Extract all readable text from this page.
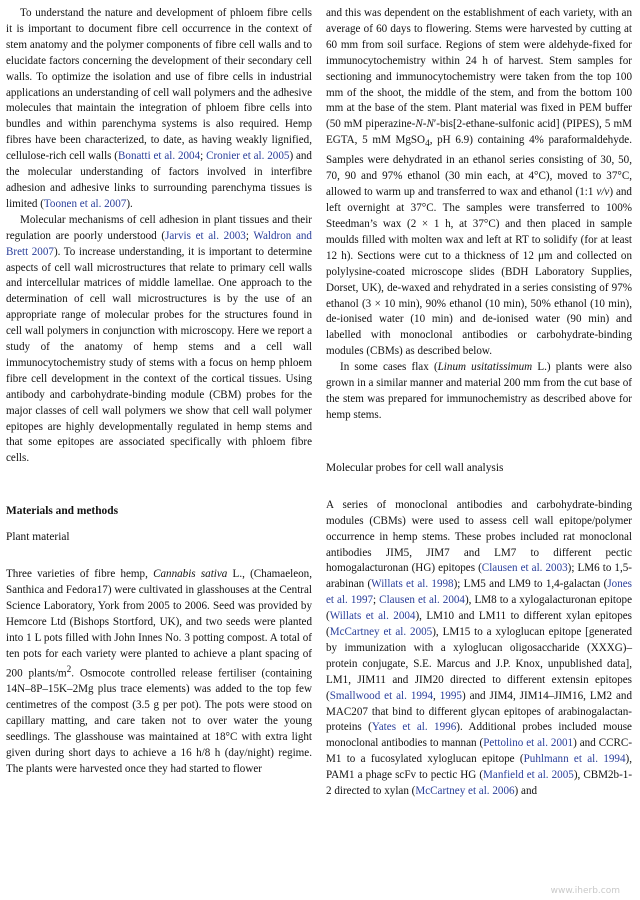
To understand the nature and development of phloem fibre cells it is important to document fibre cell occurrence in the context of stem anatomy and the polymer components of fibre cell walls and to elucidate factors concerning the development of their secondary cell walls. To optimize the isolation and use of fibre cells in industrial applications an understanding of cell wall polymers and the adhesive molecules that maintain the integration of phloem fibre cells into bundles and within parenchyma systems is also required. Hemp fibres have been characterized, to date, as having weakly lignified, cellulose-rich cell walls (Bonatti et al. 2004; Cronier et al. 2005) and the molecular understanding of factors involved in interfibre adhesion and adhesive links to surrounding parenchyma tissues is limited (Toonen et al. 2007).

Molecular mechanisms of cell adhesion in plant tissues and their regulation are poorly understood (Jarvis et al. 2003; Waldron and Brett 2007). To increase understanding, it is important to determine aspects of cell wall microstructures that relate to primary cell walls and intercellular matrices of middle lamellae. One approach to the determination of cell wall microstructures is by the use of an appropriate range of molecular probes for the structures found in cell wall polymers in conjunction with microscopy. Here we report a study of the anatomy of hemp stems and a cell wall immunocytochemistry study of stems with a focus on hemp phloem fibre cell development in the context of the cortical tissues. Using antibody and carbohydrate-binding module (CBM) probes for the major classes of cell wall polymers we show that cell wall polymer epitopes are highly developmentally regulated in hemp stems and that some epitopes are associated specifically with phloem fibre cells.

Materials and methods
Plant material

Three varieties of fibre hemp, Cannabis sativa L., (Chamaeleon, Santhica and Fedora17) were cultivated in glasshouses at the Central Science Laboratory, York from 2005 to 2006. Seed was provided by Hemcore Ltd (Bishops Stortford, UK), and two seeds were planted into 1 L pots filled with John Innes No. 3 potting compost. A total of ten pots for each variety were planted to achieve a plant spacing of 200 plants/$m^2$. Osmocote controlled release fertiliser (containing 14N–8P–15K–2Mg plus trace elements) was added to the top few centimetres of the compost (3.5 g per pot). The pots were stood on capillary matting, and care taken not to over water the young seedlings. The glasshouse was maintained at 18°C with extra light given during short days to achieve a 16 h/8 h (day/night) regime. The plants were harvested once they had started to flower

and this was dependent on the establishment of each variety, with an average of 60 days to flowering. Stems were harvested by cutting at 60 mm from soil surface. Regions of stem were aldehyde-fixed for immunocytochemistry within 24 h of harvest. Stem samples for sectioning and immunocytochemistry were taken from the top 100 mm of the shoot, the middle of the stem, and from the bottom 100 mm at the base of the stem. Plant material was fixed in PEM buffer (50 mM piperazine-N-N′-bis[2-ethane-sulfonic acid] (PIPES), 5 mM EGTA, 5 mM MgSO$_4$, pH 6.9) containing 4% paraformaldehyde. Samples were dehydrated in an ethanol series consisting of 30, 50, 70, 90 and 97% ethanol (30 min each, at 4°C), moved to 37°C, allowed to warm up and transferred to wax and ethanol (1:1 v/v) and left overnight at 37°C. The samples were transferred to 100% Steedman’s wax (2 × 1 h, at 37°C) and then placed in sample moulds filled with molten wax and left at RT to solidify (for at least 12 h). Sections were cut to a thickness of 12 μm and collected on polylysine-coated microscope slides (BDH Laboratory Supplies, Dorset, UK), de-waxed and rehydrated in a series consisting of 97% ethanol (3 × 10 min), 90% ethanol (10 min), 50% ethanol (10 min), de-ionised water (10 min) and de-ionised water (90 min) and labelled with monoclonal antibodies or carbohydrate-binding modules (CBMs) as described below.

In some cases flax (Linum usitatissimum L.) plants were also grown in a similar manner and material 200 mm from the cut base of the stem was prepared for immunochemistry as described above for hemp stems.

Molecular probes for cell wall analysis

A series of monoclonal antibodies and carbohydrate-binding modules (CBMs) were used to assess cell wall epitope/polymer occurrence in hemp stems. These probes included rat monoclonal antibodies JIM5, JIM7 and LM7 to different pectic homogalacturonan (HG) epitopes (Clausen et al. 2003); LM6 to 1,5-arabinan (Willats et al. 1998); LM5 and LM9 to 1,4-galactan (Jones et al. 1997; Clausen et al. 2004), LM8 to a xylogalacturonan epitope (Willats et al. 2004), LM10 and LM11 to different xylan epitopes (McCartney et al. 2005), LM15 to a xyloglucan epitope [generated by immunization with a xyloglucan oligosaccharide (XXXG)–protein conjugate, S.E. Marcus and J.P. Knox, unpublished data], LM1, JIM11 and JIM20 directed to different extensin epitopes (Smallwood et al. 1994, 1995) and JIM4, JIM14–JIM16, LM2 and MAC207 that bind to different glycan epitopes of arabinogalactan-proteins (Yates et al. 1996). Additional probes included mouse monoclonal antibodies to mannan (Pettolino et al. 2001) and CCRC-M1 to a fucosylated xyloglucan epitope (Puhlmann et al. 1994), PAM1 a phage scFv to pectic HG (Manfield et al. 2005), CBM2b-1-2 directed to xylan (McCartney et al. 2006) and

www.iherb.com
